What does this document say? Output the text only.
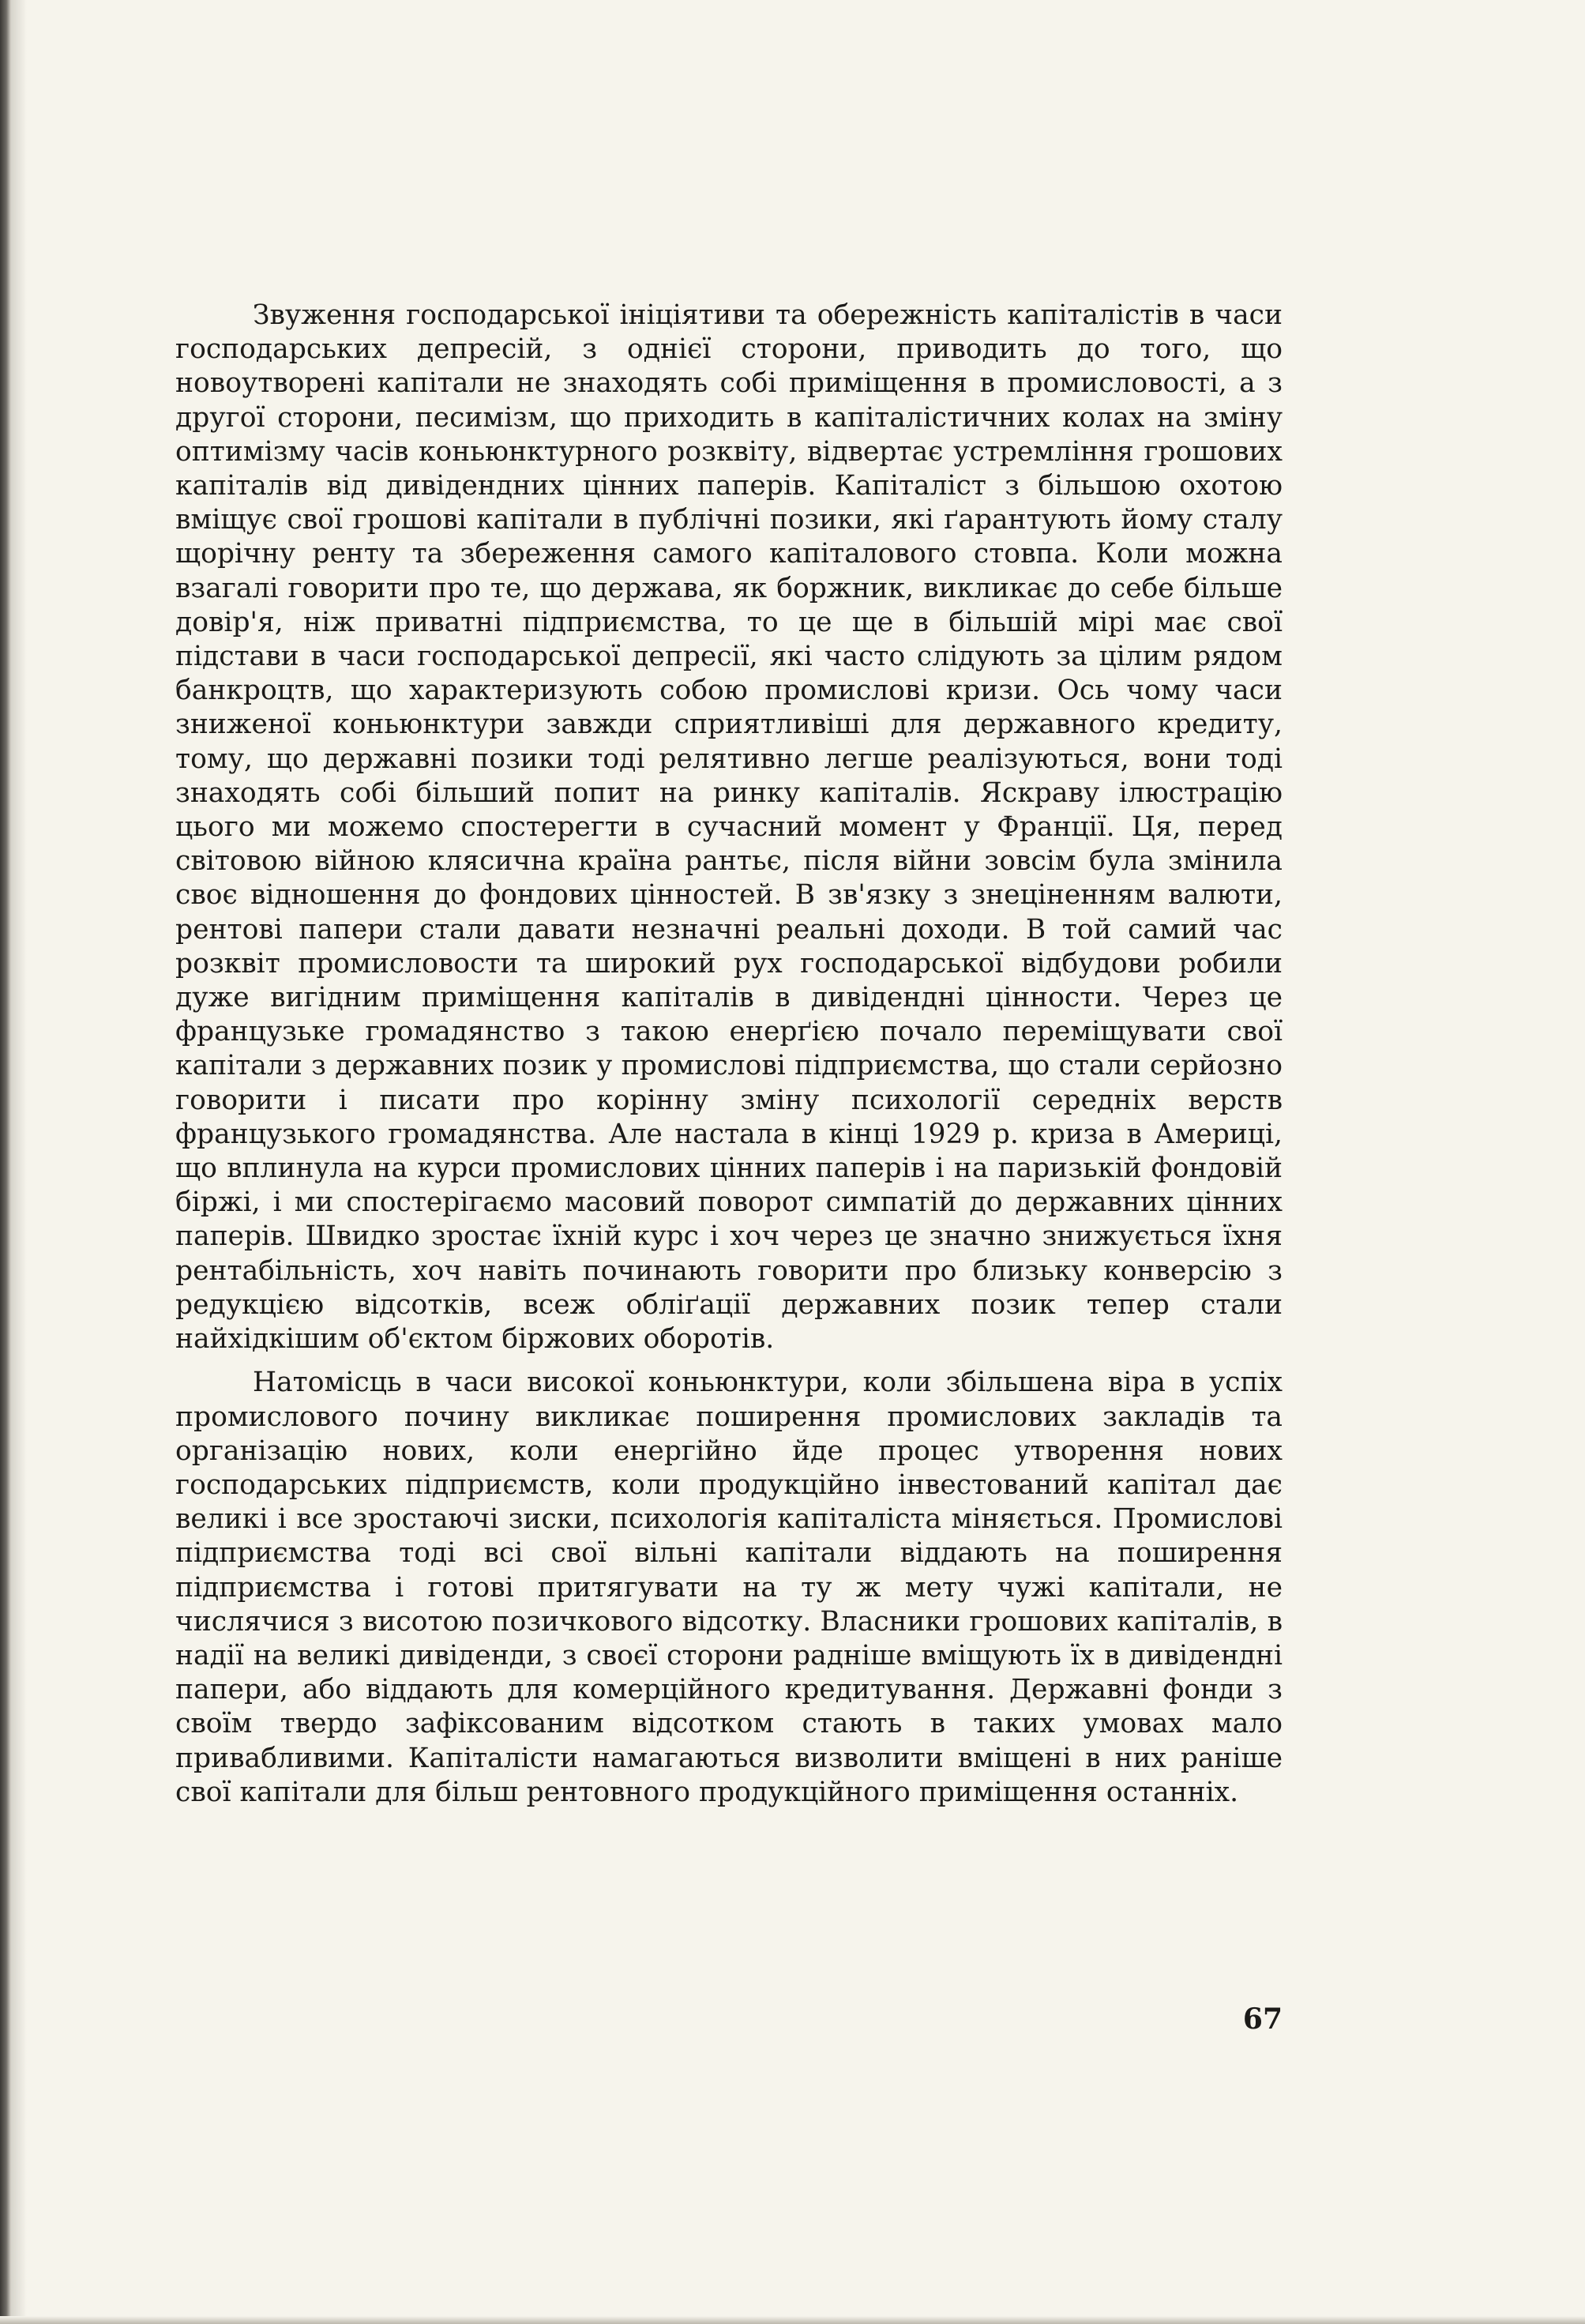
Звуження господарської ініціятиви та обережність капіталістів в часи господарських депресій, з однієї сторони, приводить до того, що новоутворені капітали не знаходять собі приміщення в промисловості, а з другої сторони, песимізм, що приходить в капіталістичних колах на зміну оптимізму часів коньюнктурного розквіту, відвертає устремління грошових капіталів від дивідендних цінних паперів. Капіталіст з більшою охотою вміщує свої грошові капітали в публічні позики, які ґарантують йому сталу щорічну ренту та збереження самого капіталового стовпа. Коли можна взагалі говорити про те, що держава, як боржник, викликає до себе більше довір'я, ніж приватні підприємства, то це ще в більшій мірі має свої підстави в часи господарської депресії, які часто слідують за цілим рядом банкроцтв, що характеризують собою промислові кризи. Ось чому часи зниженої коньюнктури завжди сприятливіші для державного кредиту, тому, що державні позики тоді релятивно легше реалізуються, вони тоді знаходять собі більший попит на ринку капіталів. Яскраву ілюстрацію цього ми можемо спостерегти в сучасний момент у Франції. Ця, перед світовою війною клясична країна рантьє, після війни зовсім була змінила своє відношення до фондових цінностей. В зв'язку з знеціненням валюти, рентові папери стали давати незначні реальні доходи. В той самий час розквіт промисловости та широкий рух господарської відбудови робили дуже вигідним приміщення капіталів в дивідендні цінности. Через це французьке громадянство з такою енерґією почало переміщувати свої капітали з державних позик у промислові підприємства, що стали серйозно говорити і писати про корінну зміну психології середніх верств французького громадянства. Але настала в кінці 1929 р. криза в Америці, що вплинула на курси промислових цінних паперів і на паризькій фондовій біржі, і ми спостерігаємо масовий поворот симпатій до державних цінних паперів. Швидко зростає їхній курс і хоч через це значно знижується їхня рентабільність, хоч навіть починають говорити про близьку конверсію з редукцією відсотків, всеж обліґації державних позик тепер стали найхідкішим об'єктом біржових оборотів.

Натомісць в часи високої коньюнктури, коли збільшена віра в успіх промислового почину викликає поширення промислових закладів та організацію нових, коли енергійно йде процес утворення нових господарських підприємств, коли продукційно інвестований капітал дає великі і все зростаючі зиски, психологія капіталіста міняється. Промислові підприємства тоді всі свої вільні капітали віддають на поширення підприємства і готові притягувати на ту ж мету чужі капітали, не числячися з висотою позичкового відсотку. Власники грошових капіталів, в надії на великі дивіденди, з своєї сторони радніше вміщують їх в дивідендні папери, або віддають для комерційного кредитування. Державні фонди з своїм твердо зафіксованим відсотком стають в таких умовах мало привабливими. Капіталісти намагаються визволити вміщені в них раніше свої капітали для більш рентовного продукційного приміщення останніх.

67
